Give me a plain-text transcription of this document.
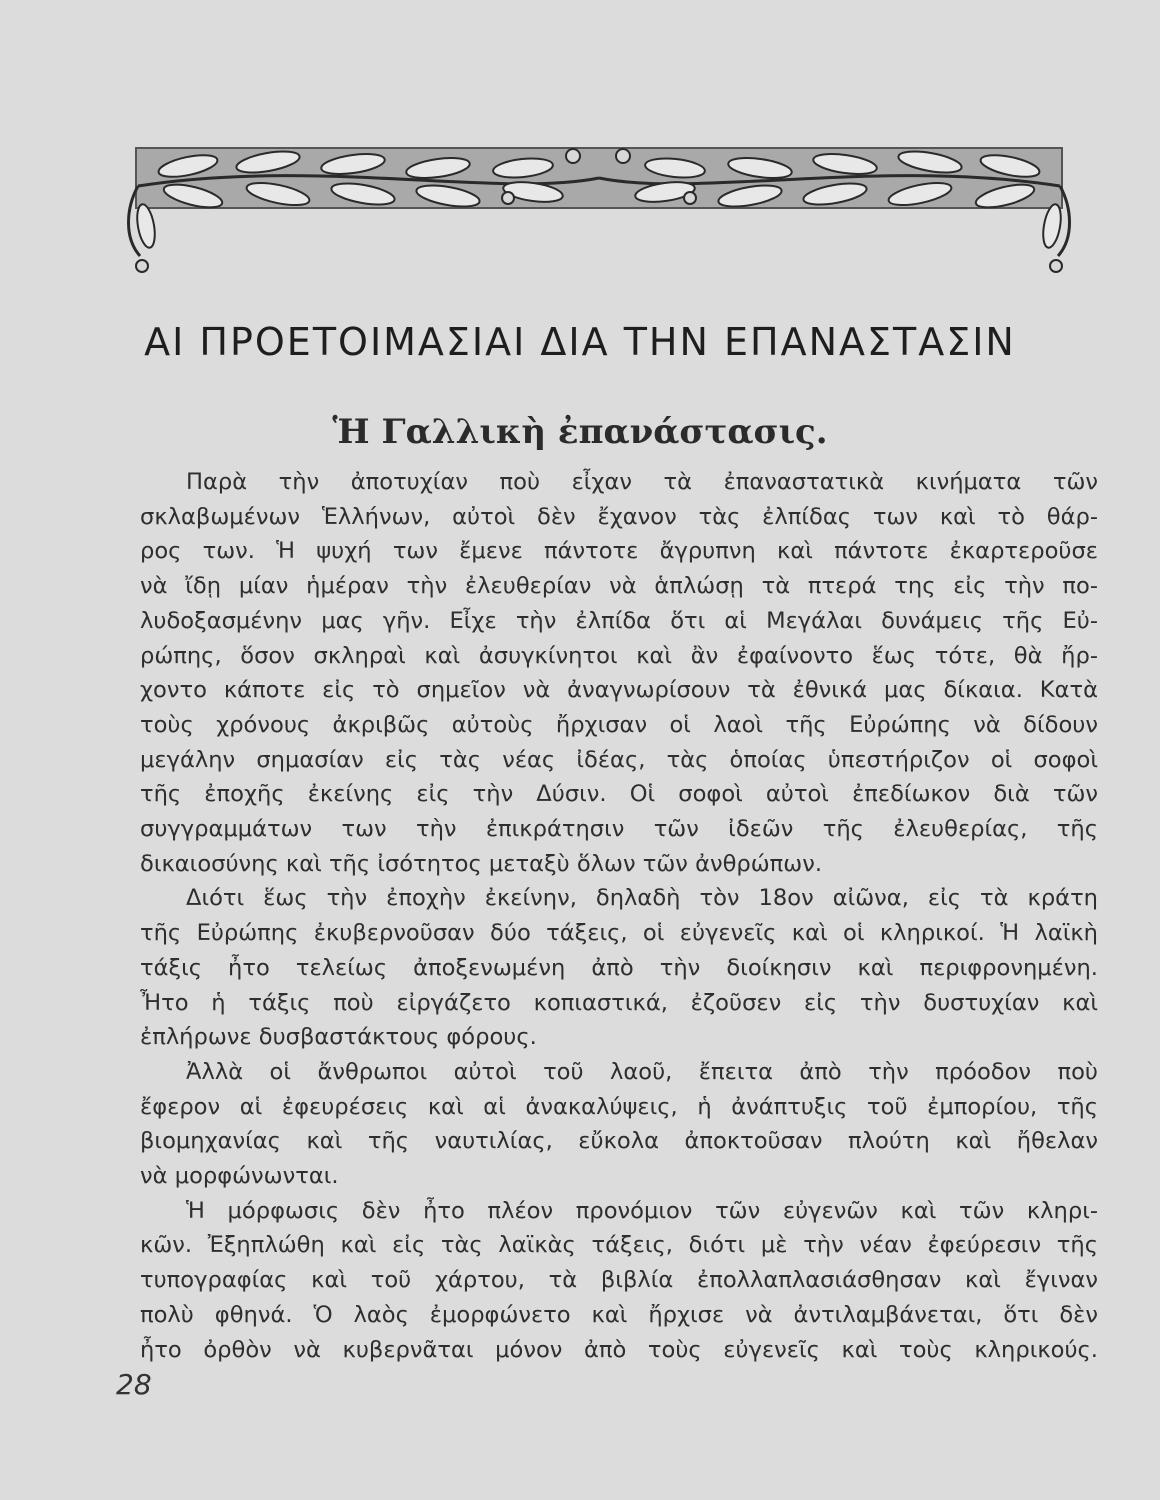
ΑΙ ΠΡΟΕΤΟΙΜΑΣΙΑΙ ΔΙΑ ΤΗΝ ΕΠΑΝΑΣΤΑΣΙΝ
Ἡ Γαλλικὴ ἐπανάστασις.
Παρὰ τὴν ἀποτυχίαν ποὺ εἶχαν τὰ ἐπαναστατικὰ κινήματα τῶν
σκλαβωμένων Ἑλλήνων, αὐτοὶ δὲν ἔχανον τὰς ἐλπίδας των καὶ τὸ θάρ-
ρος των. Ἡ ψυχή των ἔμενε πάντοτε ἄγρυπνη καὶ πάντοτε ἐκαρτεροῦσε
νὰ ἴδῃ μίαν ἡμέραν τὴν ἐλευθερίαν νὰ ἁπλώσῃ τὰ πτερά της εἰς τὴν πο-
λυδοξασμένην μας γῆν. Εἶχε τὴν ἐλπίδα ὅτι αἱ Μεγάλαι δυνάμεις τῆς Εὐ-
ρώπης, ὅσον σκληραὶ καὶ ἀσυγκίνητοι καὶ ἂν ἐφαίνοντο ἕως τότε, θὰ ἤρ-
χοντο κάποτε εἰς τὸ σημεῖον νὰ ἀναγνωρίσουν τὰ ἐθνικά μας δίκαια. Κατὰ
τοὺς χρόνους ἀκριβῶς αὐτοὺς ἤρχισαν οἱ λαοὶ τῆς Εὐρώπης νὰ δίδουν
μεγάλην σημασίαν εἰς τὰς νέας ἰδέας, τὰς ὁποίας ὑπεστήριζον οἱ σοφοὶ
τῆς ἐποχῆς ἐκείνης εἰς τὴν Δύσιν. Οἱ σοφοὶ αὐτοὶ ἐπεδίωκον διὰ τῶν
συγγραμμάτων των τὴν ἐπικράτησιν τῶν ἰδεῶν τῆς ἐλευθερίας, τῆς
δικαιοσύνης καὶ τῆς ἰσότητος μεταξὺ ὅλων τῶν ἀνθρώπων.
Διότι ἕως τὴν ἐποχὴν ἐκείνην, δηλαδὴ τὸν 18ον αἰῶνα, εἰς τὰ κράτη
τῆς Εὐρώπης ἐκυβερνοῦσαν δύο τάξεις, οἱ εὐγενεῖς καὶ οἱ κληρικοί. Ἡ λαϊκὴ
τάξις ἦτο τελείως ἀποξενωμένη ἀπὸ τὴν διοίκησιν καὶ περιφρονημένη.
Ἦτο ἡ τάξις ποὺ εἰργάζετο κοπιαστικά, ἐζοῦσεν εἰς τὴν δυστυχίαν καὶ
ἐπλήρωνε δυσβαστάκτους φόρους.
Ἀλλὰ οἱ ἄνθρωποι αὐτοὶ τοῦ λαοῦ, ἔπειτα ἀπὸ τὴν πρόοδον ποὺ
ἔφερον αἱ ἐφευρέσεις καὶ αἱ ἀνακαλύψεις, ἡ ἀνάπτυξις τοῦ ἐμπορίου, τῆς
βιομηχανίας καὶ τῆς ναυτιλίας, εὔκολα ἀποκτοῦσαν πλούτη καὶ ἤθελαν
νὰ μορφώνωνται.
Ἡ μόρφωσις δὲν ἦτο πλέον προνόμιον τῶν εὐγενῶν καὶ τῶν κληρι-
κῶν. Ἐξηπλώθη καὶ εἰς τὰς λαϊκὰς τάξεις, διότι μὲ τὴν νέαν ἐφεύρεσιν τῆς
τυπογραφίας καὶ τοῦ χάρτου, τὰ βιβλία ἐπολλαπλασιάσθησαν καὶ ἔγιναν
πολὺ φθηνά. Ὁ λαὸς ἐμορφώνετο καὶ ἤρχισε νὰ ἀντιλαμβάνεται, ὅτι δὲν
ἦτο ὀρθὸν νὰ κυβερνᾶται μόνον ἀπὸ τοὺς εὐγενεῖς καὶ τοὺς κληρικούς.
28
